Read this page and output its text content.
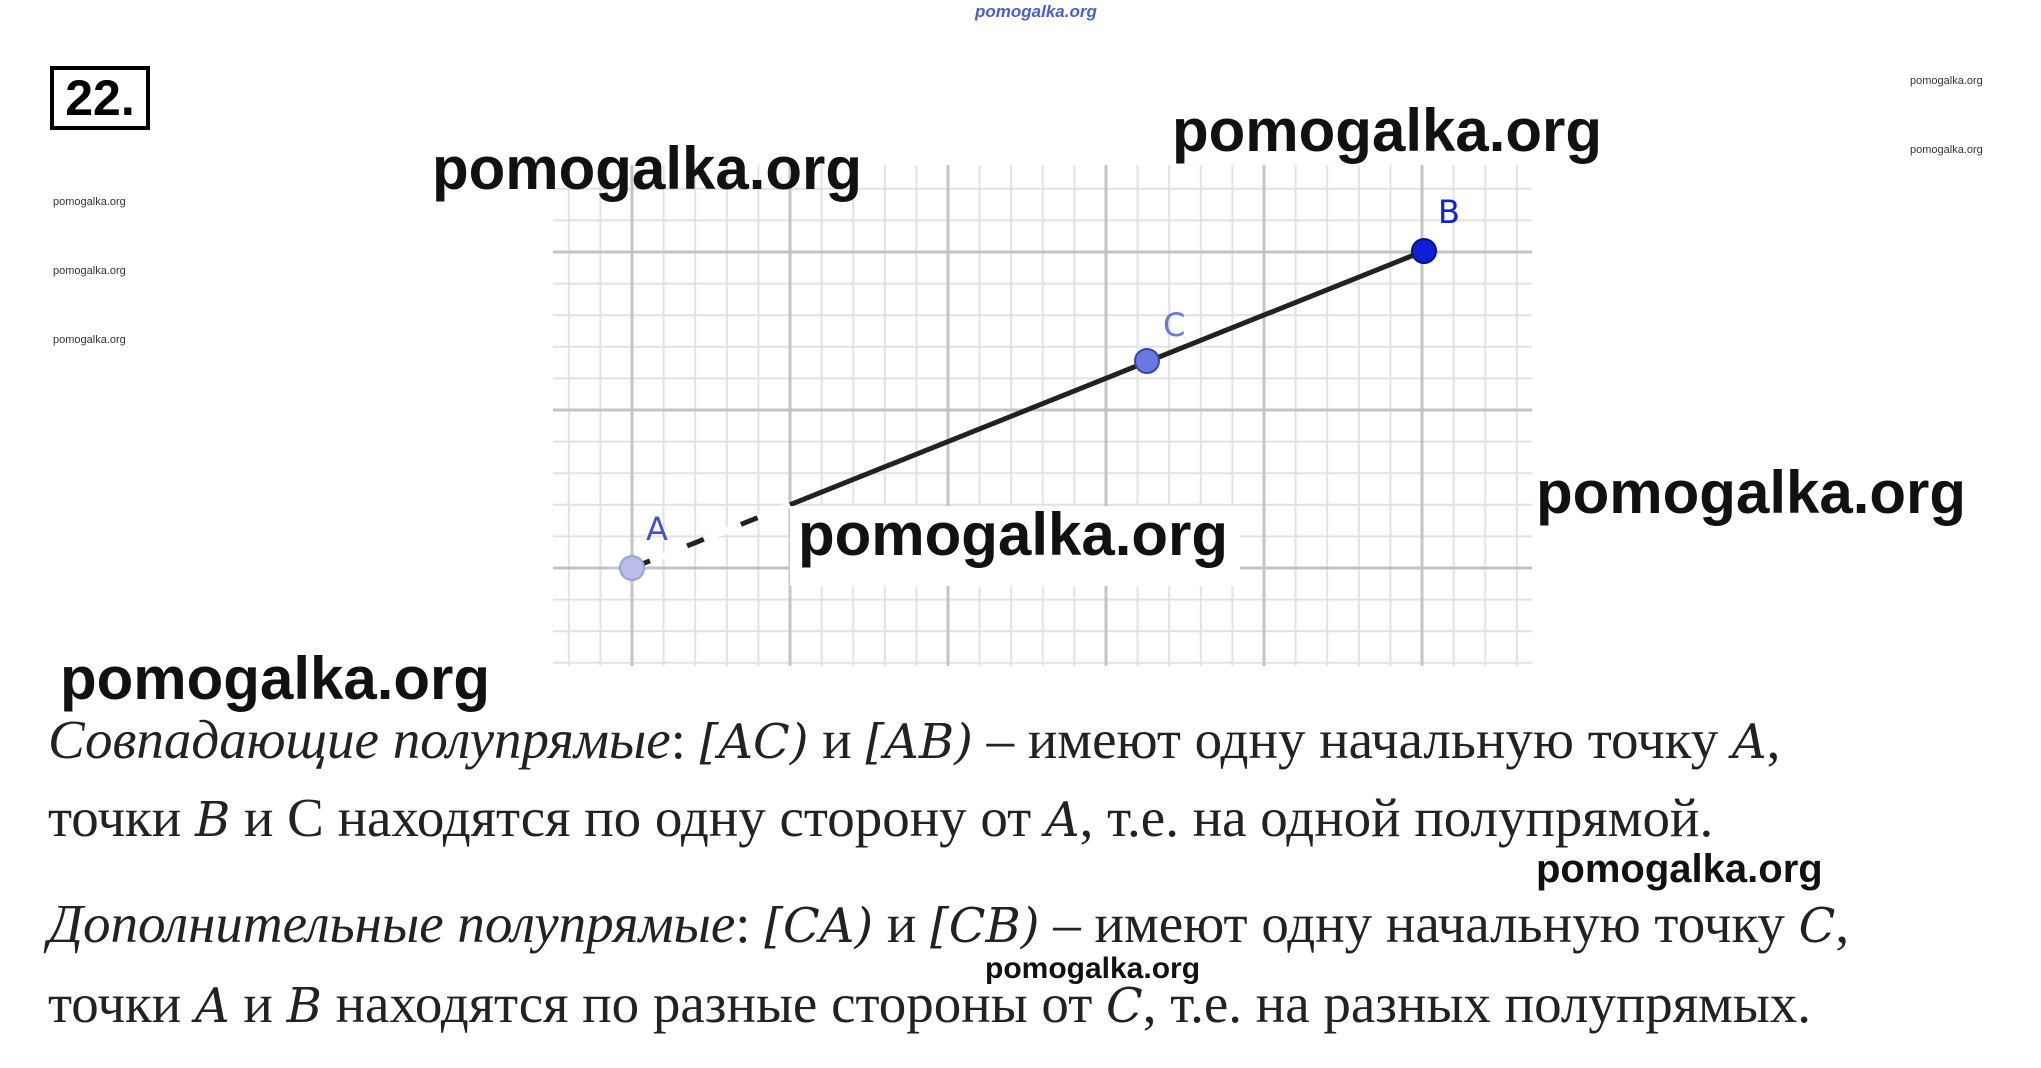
A
C
B
22.
pomogalka.org
pomogalka.org
pomogalka.org
pomogalka.org
pomogalka.org
pomogalka.org
pomogalka.org
pomogalka.org
pomogalka.org
pomogalka.org
pomogalka.org
Совпадающие полупрямые: [AC) и [AB) – имеют одну начальную точку A,
точки B и C находятся по одну сторону от A, т.е. на одной полупрямой.
pomogalka.org
Дополнительные полупрямые: [CA) и [CB) – имеют одну начальную точку C,
pomogalka.org
точки A и B находятся по разные стороны от C, т.е. на разных полупрямых.
